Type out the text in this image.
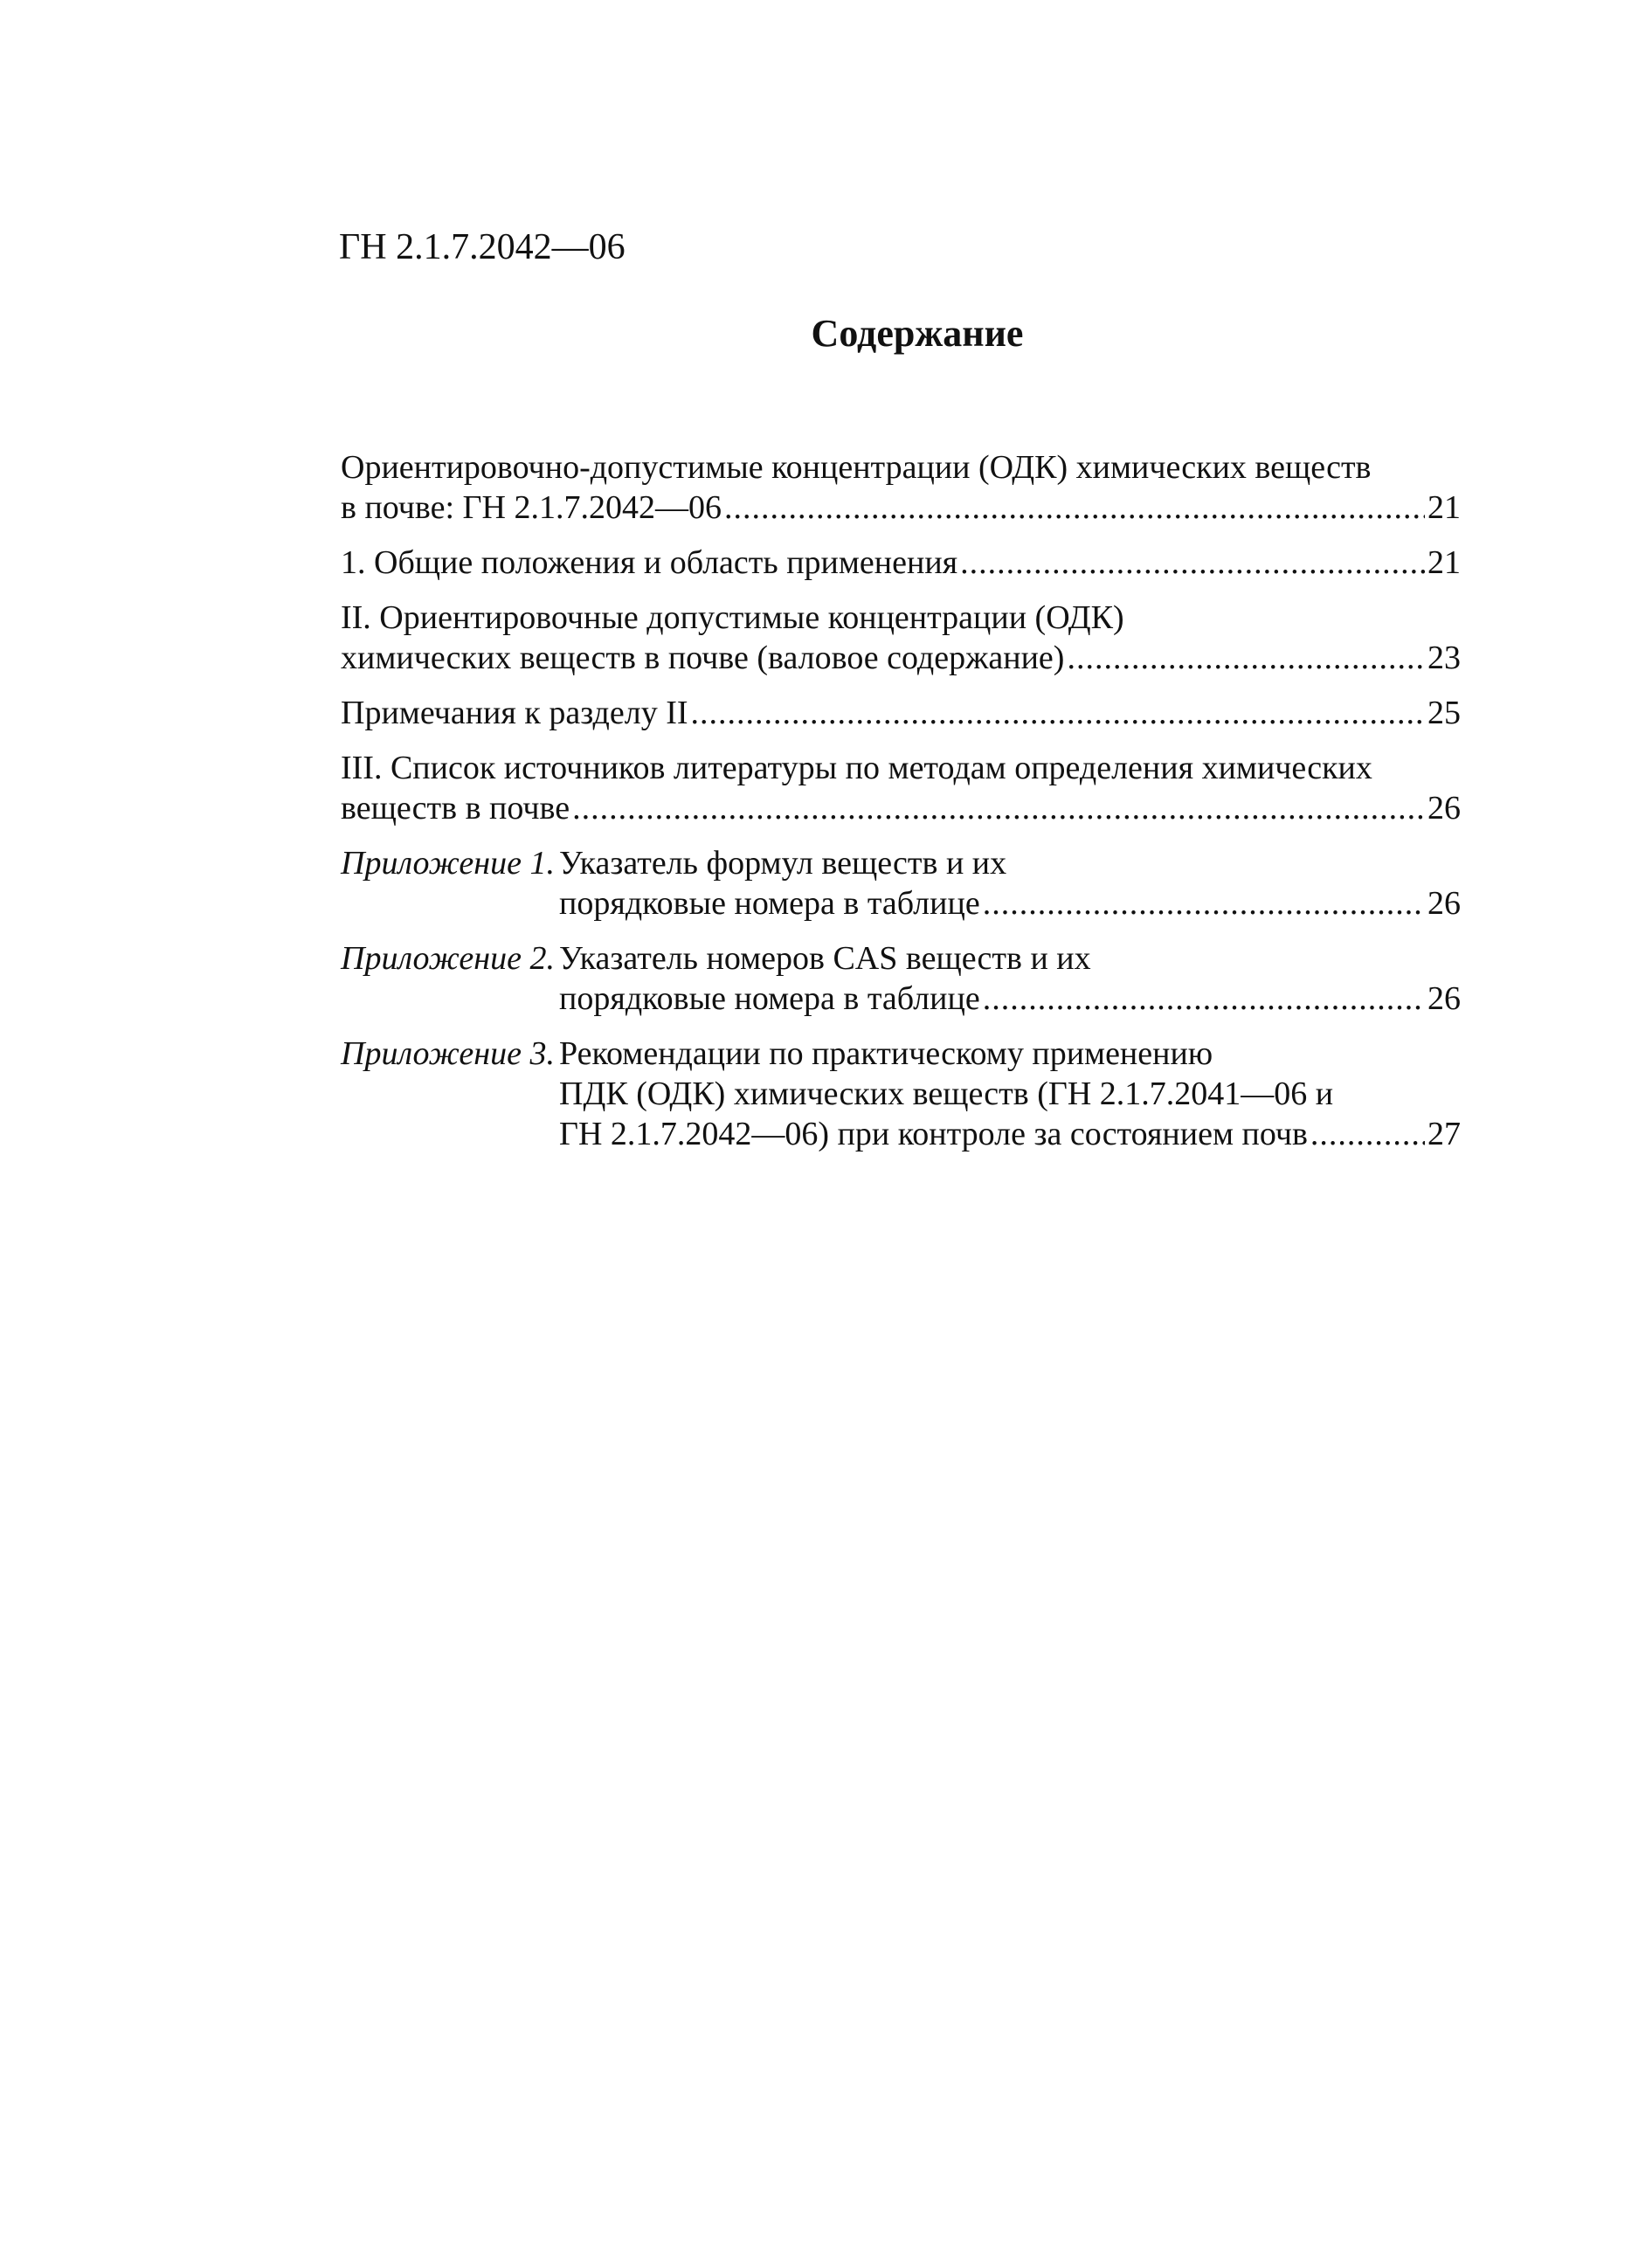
ГН 2.1.7.2042—06
Содержание
Ориентировочно-допустимые концентрации (ОДК) химических веществ
в почве: ГН 2.1.7.2042—06 .....	21
1. Общие положения и область применения .....	21
II. Ориентировочные допустимые концентрации (ОДК)
химических веществ в почве (валовое содержание) .....	23
Примечания к разделу II .....	25
III. Список источников литературы по методам определения химических
веществ в почве .....	26
Приложение 1. Указатель формул веществ и их
порядковые номера в таблице .....	26
Приложение 2. Указатель номеров CAS веществ и их
порядковые номера в таблице .....	26
Приложение 3. Рекомендации по практическому применению
ПДК (ОДК) химических веществ (ГН 2.1.7.2041—06 и
ГН 2.1.7.2042—06) при контроле за состоянием почв .....	27
